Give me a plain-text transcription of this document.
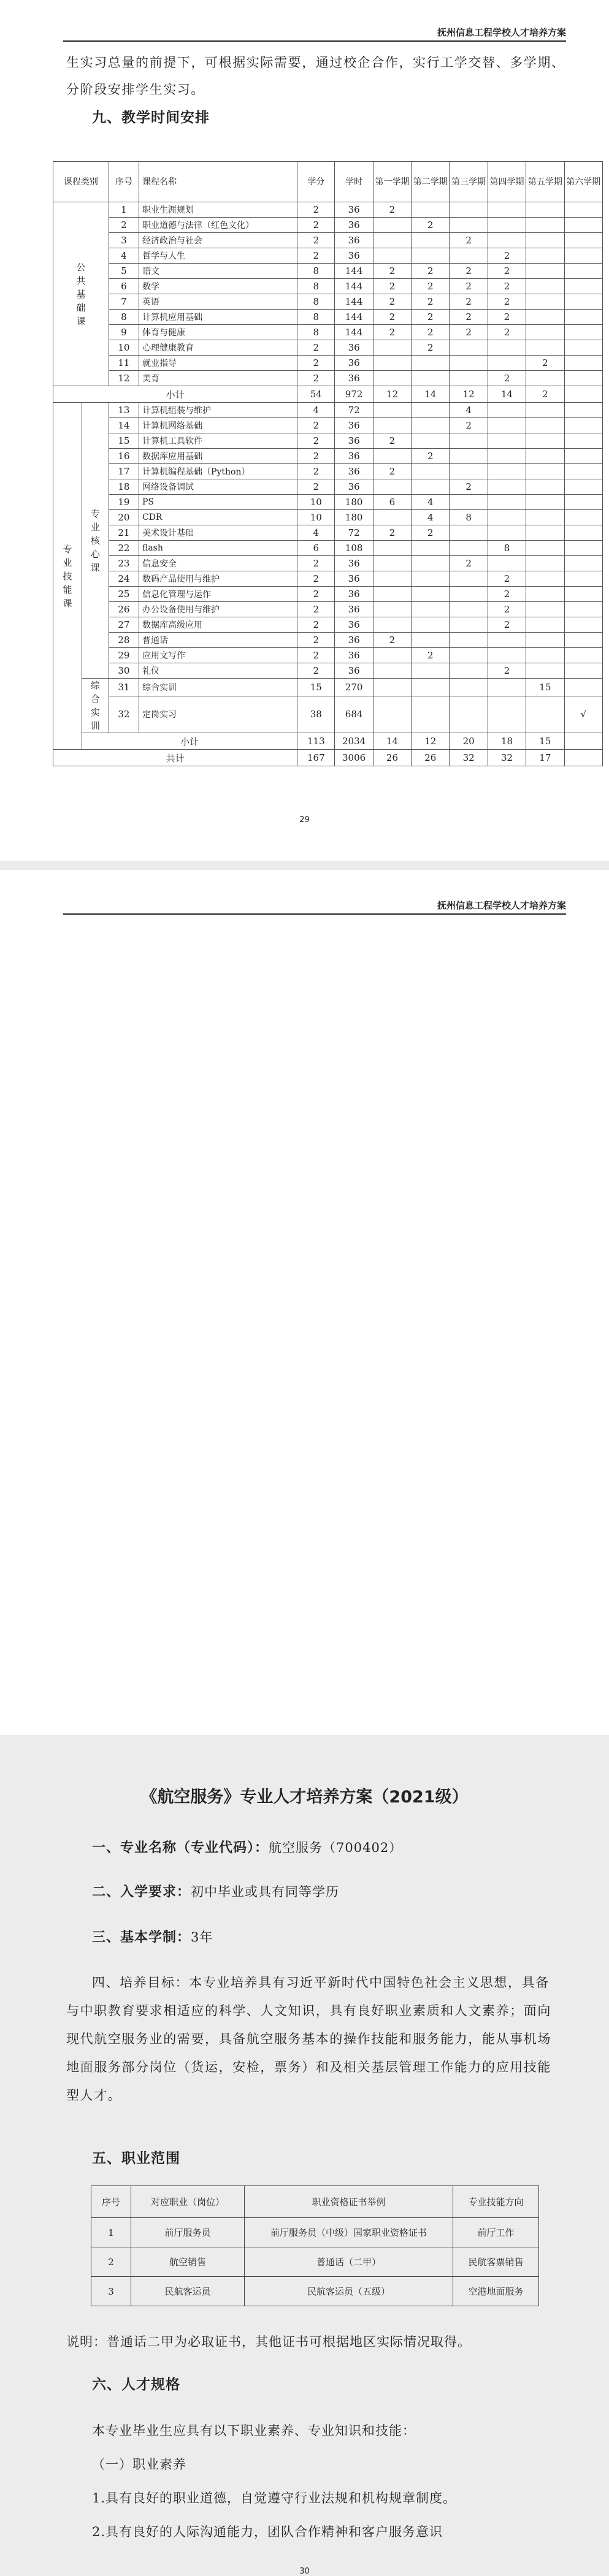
抚州信息工程学校人才培养方案
生实习总量的前提下，可根据实际需要，通过校企合作，实行工学交替、多学期、
分阶段安排学生实习。
九、教学时间安排
课程类别		序号	课程名称	学分	学时	第一学期	第二学期	第三学期	第四学期	第五学期	第六学期

公
共
基
础
课		1	职业生涯规划	2	36	2					
		2	职业道德与法律（红色文化）	2	36		2				
		3	经济政治与社会	2	36			2			
		4	哲学与人生	2	36				2		
		5	语文	8	144	2	2	2	2		
		6	数学	8	144	2	2	2	2		
		7	英语	8	144	2	2	2	2		
		8	计算机应用基础	8	144	2	2	2	2		
		9	体育与健康	8	144	2	2	2	2		
		10	心理健康教育	2	36		2				
		11	就业指导	2	36					2	
		12	美育	2	36				2		
小计				54	972	12	14	12	14	2	

专
业
技
能
课	专
业
核
心
课	13	计算机组装与维护	4	72			4			
		14	计算机网络基础	2	36			2			
		15	计算机工具软件	2	36	2					
		16	数据库应用基础	2	36		2				
		17	计算机编程基础（Python）	2	36	2					
		18	网络设备调试	2	36			2			
		19	PS	10	180	6	4				
		20	CDR	10	180		4	8			
		21	美术设计基础	4	72	2	2				
		22	flash	6	108				8		
		23	信息安全	2	36			2			
		24	数码产品使用与维护	2	36				2		
		25	信息化管理与运作	2	36				2		
		26	办公设备使用与维护	2	36				2		
		27	数据库高级应用	2	36				2		
		28	普通话	2	36	2					
		29	应用文写作	2	36		2				
		30	礼仪	2	36				2		

	综
合
实
训	31	综合实训	15	270					15	
		32	定岗实习	38	684						√
	小计			113	2034	14	12	20	18	15	
共计				167	3006	26	26	32	32	17	
29
抚州信息工程学校人才培养方案
《航空服务》专业人才培养方案（2021级）
一、专业名称（专业代码）：航空服务（700402）
二、入学要求：初中毕业或具有同等学历
三、基本学制：3年
四、培养目标：本专业培养具有习近平新时代中国特色社会主义思想，具备
与中职教育要求相适应的科学、人文知识，具有良好职业素质和人文素养；面向
现代航空服务业的需要，具备航空服务基本的操作技能和服务能力，能从事机场
地面服务部分岗位（货运，安检，票务）和及相关基层管理工作能力的应用技能
型人才。
五、职业范围
序号	对应职业（岗位）	职业资格证书举例	专业技能方向
1	前厅服务员	前厅服务员（中级）国家职业资格证书	前厅工作
2	航空销售	普通话（二甲）	民航客票销售
3	民航客运员	民航客运员（五级）	空港地面服务
说明：普通话二甲为必取证书，其他证书可根据地区实际情况取得。
六、人才规格
本专业毕业生应具有以下职业素养、专业知识和技能：
（一）职业素养
1.具有良好的职业道德，自觉遵守行业法规和机构规章制度。
2.具有良好的人际沟通能力，团队合作精神和客户服务意识
30
